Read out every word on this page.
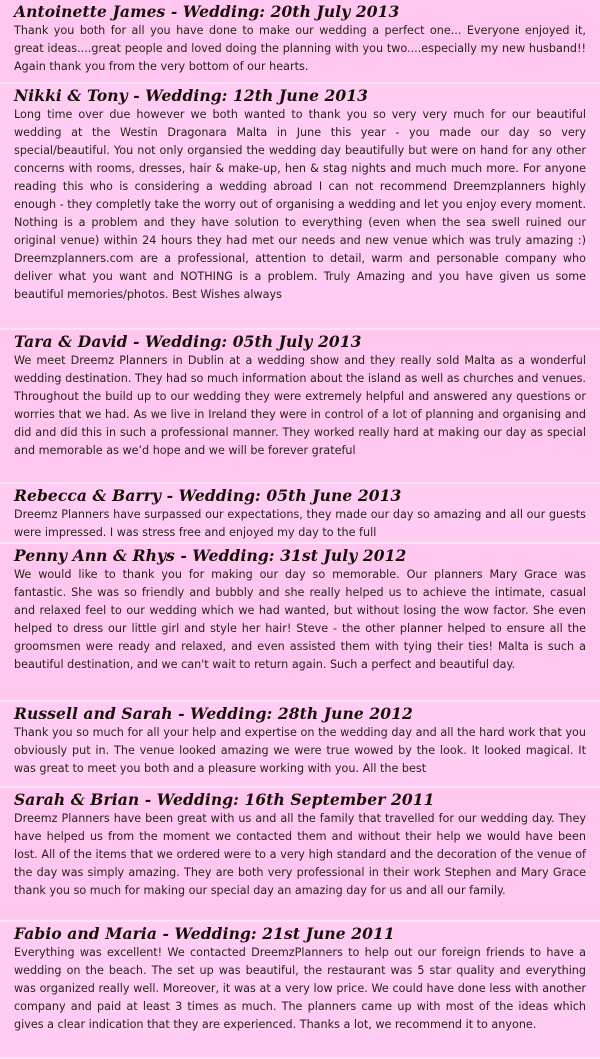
Antoinette James - Wedding: 20th July 2013

Thank you both for all you have done to make our wedding a perfect one... Everyone enjoyed it, great ideas....great people and loved doing the planning with you two....especially my new husband!! Again thank you from the very bottom of our hearts.

Nikki & Tony - Wedding: 12th June 2013

Long time over due however we both wanted to thank you so very very much for our beautiful wedding at the Westin Dragonara Malta in June this year - you made our day so very special/beautiful. You not only organsied the wedding day beautifully but were on hand for any other concerns with rooms, dresses, hair & make-up, hen & stag nights and much much more. For anyone reading this who is considering a wedding abroad I can not recommend Dreemzplanners highly enough - they completly take the worry out of organising a wedding and let you enjoy every moment. Nothing is a problem and they have solution to everything (even when the sea swell ruined our original venue) within 24 hours they had met our needs and new venue which was truly amazing :) Dreemzplanners.com are a professional, attention to detail, warm and personable company who deliver what you want and NOTHING is a problem. Truly Amazing and you have given us some beautiful memories/photos. Best Wishes always

Tara & David - Wedding: 05th July 2013

We meet Dreemz Planners in Dublin at a wedding show and they really sold Malta as a wonderful wedding destination. They had so much information about the island as well as churches and venues. Throughout the build up to our wedding they were extremely helpful and answered any questions or worries that we had. As we live in Ireland they were in control of a lot of planning and organising and did and did this in such a professional manner. They worked really hard at making our day as special and memorable as we’d hope and we will be forever grateful

Rebecca & Barry - Wedding: 05th June 2013

Dreemz Planners have surpassed our expectations, they made our day so amazing and all our guests were impressed. I was stress free and enjoyed my day to the full

Penny Ann & Rhys - Wedding: 31st July 2012

We would like to thank you for making our day so memorable. Our planners Mary Grace was fantastic. She was so friendly and bubbly and she really helped us to achieve the intimate, casual and relaxed feel to our wedding which we had wanted, but without losing the wow factor. She even helped to dress our little girl and style her hair! Steve - the other planner helped to ensure all the groomsmen were ready and relaxed, and even assisted them with tying their ties! Malta is such a beautiful destination, and we can't wait to return again. Such a perfect and beautiful day.

Russell and Sarah - Wedding: 28th June 2012

Thank you so much for all your help and expertise on the wedding day and all the hard work that you obviously put in. The venue looked amazing we were true wowed by the look. It looked magical. It was great to meet you both and a pleasure working with you. All the best

Sarah & Brian - Wedding: 16th September 2011

Dreemz Planners have been great with us and all the family that travelled for our wedding day. They have helped us from the moment we contacted them and without their help we would have been lost. All of the items that we ordered were to a very high standard and the decoration of the venue of the day was simply amazing. They are both very professional in their work Stephen and Mary Grace thank you so much for making our special day an amazing day for us and all our family.

Fabio and Maria - Wedding: 21st June 2011

Everything was excellent! We contacted DreemzPlanners to help out our foreign friends to have a wedding on the beach. The set up was beautiful, the restaurant was 5 star quality and everything was organized really well. Moreover, it was at a very low price. We could have done less with another company and paid at least 3 times as much. The planners came up with most of the ideas which gives a clear indication that they are experienced. Thanks a lot, we recommend it to anyone.
